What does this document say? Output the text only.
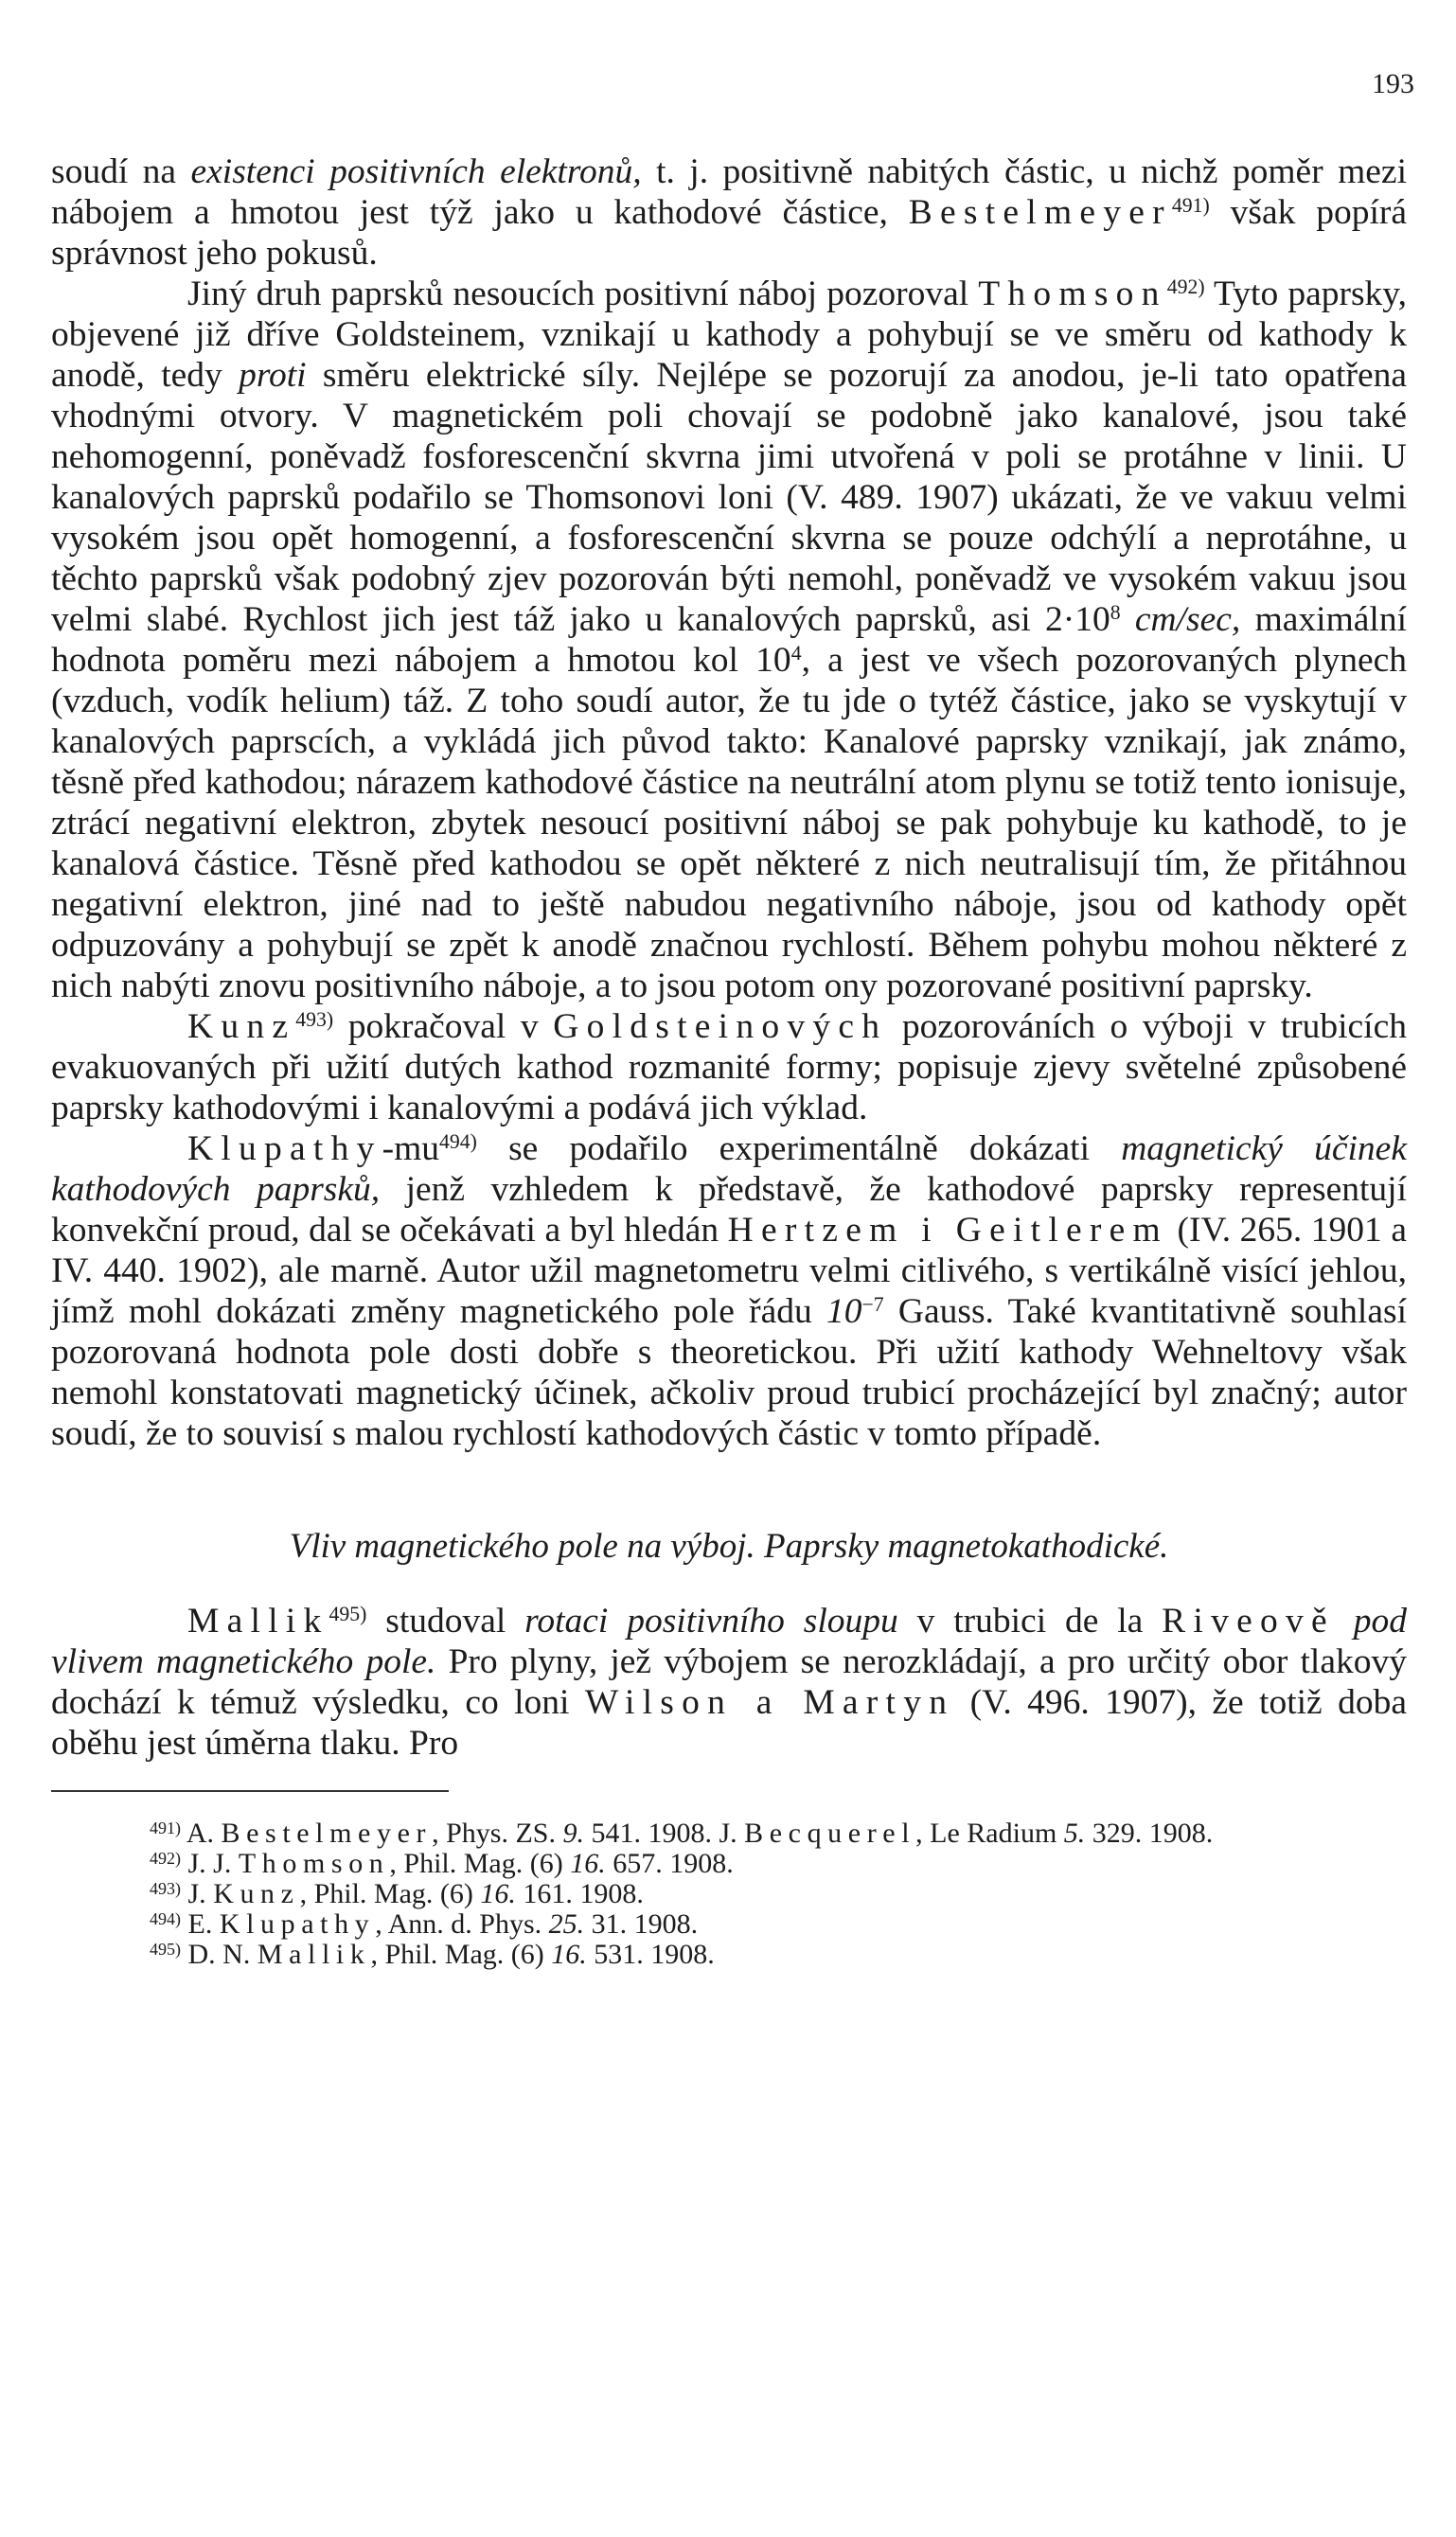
193

soudí na existenci positivních elektronů, t. j. positivně nabitých částic, u nichž poměr mezi nábojem a hmotou jest týž jako u kathodové částice, Bestelmeyer$^{491)}$ však popírá správnost jeho pokusů.

Jiný druh paprsků nesoucích positivní náboj pozoroval Thomson$^{492)}$ Tyto paprsky, objevené již dříve Goldsteinem, vznikají u kathody a pohybují se ve směru od kathody k anodě, tedy proti směru elektrické síly. Nejlépe se pozorují za anodou, je-li tato opatřena vhodnými otvory. V magnetickém poli chovají se podobně jako kanalové, jsou také nehomogenní, poněvadž fosforescenční skvrna jimi utvořená v poli se protáhne v linii. U kanalových paprsků podařilo se Thomsonovi loni (V. 489. 1907) ukázati, že ve vakuu velmi vysokém jsou opět homogenní, a fosforescenční skvrna se pouze odchýlí a neprotáhne, u těchto paprsků však podobný zjev pozorován býti nemohl, poněvadž ve vysokém vakuu jsou velmi slabé. Rychlost jich jest táž jako u kanalových paprsků, asi $2\cdot 10^8$ cm/sec, maximální hodnota poměru mezi nábojem a hmotou kol $10^4$, a jest ve všech pozorovaných plynech (vzduch, vodík helium) táž. Z toho soudí autor, že tu jde o tytéž částice, jako se vyskytují v kanalových paprscích, a vykládá jich původ takto: Kanalové paprsky vznikají, jak známo, těsně před kathodou; nárazem kathodové částice na neutrální atom plynu se totiž tento ionisuje, ztrácí negativní elektron, zbytek nesoucí positivní náboj se pak pohybuje ku kathodě, to je kanalová částice. Těsně před kathodou se opět některé z nich neutralisují tím, že přitáhnou negativní elektron, jiné nad to ještě nabudou negativního náboje, jsou od kathody opět odpuzovány a pohybují se zpět k anodě značnou rychlostí. Během pohybu mohou některé z nich nabýti znovu positivního náboje, a to jsou potom ony pozorované positivní paprsky.

Kunz$^{493)}$ pokračoval v Goldsteinových pozorováních o výboji v trubicích evakuovaných při užití dutých kathod rozmanité formy; popisuje zjevy světelné způsobené paprsky kathodovými i kanalovými a podává jich výklad.

Klupathy-$mu^{494)}$ se podařilo experimentálně dokázati magnetický účinek kathodových paprsků, jenž vzhledem k představě, že kathodové paprsky representují konvekční proud, dal se očekávati a byl hledán Hertzem i Geitlerem (IV. 265. 1901 a IV. 440. 1902), ale marně. Autor užil magnetometru velmi citlivého, s vertikálně visící jehlou, jímž mohl dokázati změny magnetického pole řádu $10^{-7}$ Gauss. Také kvantitativně souhlasí pozorovaná hodnota pole dosti dobře s theoretickou. Při užití kathody Wehneltovy však nemohl konstatovati magnetický účinek, ačkoliv proud trubicí procházející byl značný; autor soudí, že to souvisí s malou rychlostí kathodových částic v tomto případě.

Vliv magnetického pole na výboj. Paprsky magnetokathodické.

Mallik$^{495)}$ studoval rotaci positivního sloupu v trubici de la Riveově pod vlivem magnetického pole. Pro plyny, jež výbojem se nerozkládají, a pro určitý obor tlakový dochází k témuž výsledku, co loni Wilson a Martyn (V. 496. 1907), že totiž doba oběhu jest úměrna tlaku. Pro

$^{491)}$ A. Bestelmeyer, Phys. ZS. 9. 541. 1908. J. Becquerel, Le Radium 5. 329. 1908.

$^{492)}$ J. J. Thomson, Phil. Mag. (6) 16. 657. 1908.

$^{493)}$ J. Kunz, Phil. Mag. (6) 16. 161. 1908.

$^{494)}$ E. Klupathy, Ann. d. Phys. 25. 31. 1908.

$^{495)}$ D. N. Mallik, Phil. Mag. (6) 16. 531. 1908.
